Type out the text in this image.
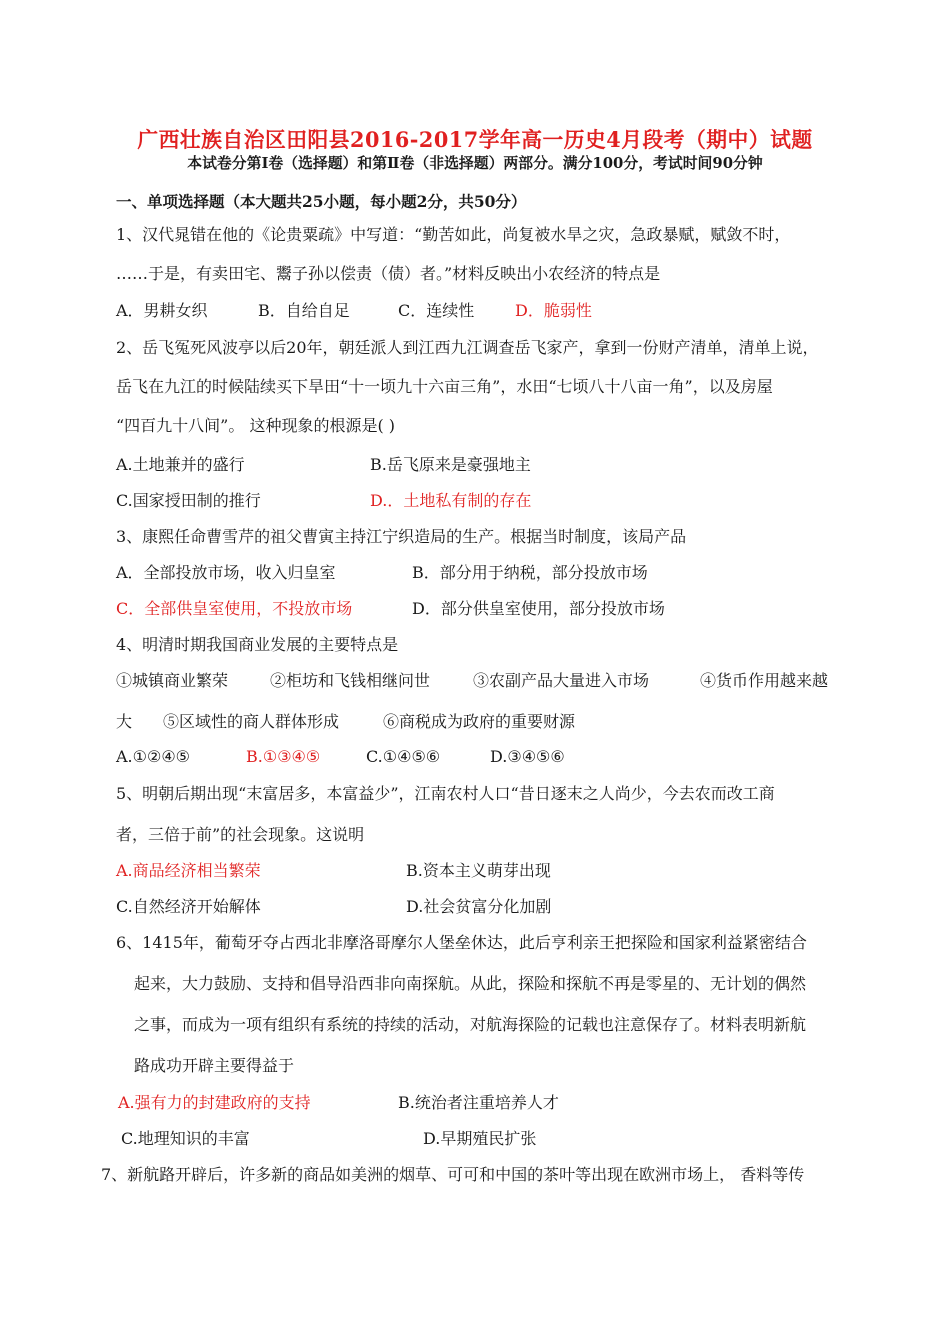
广西壮族自治区田阳县2016-2017学年高一历史4月段考（期中）试题
本试卷分第Ⅰ卷（选择题）和第Ⅱ卷（非选择题）两部分。满分100分，考试时间90分钟
一、单项选择题（本大题共25小题，每小题2分，共50分）
1、汉代晁错在他的《论贵粟疏》中写道：“勤苦如此，尚复被水旱之灾，急政暴赋，赋敛不时，
……于是，有卖田宅、鬻子孙以偿责（债）者。”材料反映出小农经济的特点是
A．男耕女织	B．自给自足	C．连续性	D．脆弱性
2、岳飞冤死风波亭以后20年，朝廷派人到江西九江调查岳飞家产，拿到一份财产清单，清单上说，
岳飞在九江的时候陆续买下旱田“十一顷九十六亩三角”，水田“七顷八十八亩一角”，以及房屋
“四百九十八间”。 这种现象的根源是( )
A.土地兼并的盛行	B.岳飞原来是豪强地主
C.国家授田制的推行	D.．土地私有制的存在
3、康熙任命曹雪芹的祖父曹寅主持江宁织造局的生产。根据当时制度，该局产品
A．全部投放市场，收入归皇室	B．部分用于纳税，部分投放市场
C．全部供皇室使用，不投放市场	D．部分供皇室使用，部分投放市场
4、明清时期我国商业发展的主要特点是
①城镇商业繁荣	②柜坊和飞钱相继问世	③农副产品大量进入市场	④货币作用越来越
大 ⑤区域性的商人群体形成	⑥商税成为政府的重要财源
A.①②④⑤	B.①③④⑤	C.①④⑤⑥	D.③④⑤⑥
5、明朝后期出现“末富居多，本富益少”，江南农村人口“昔日逐末之人尚少，今去农而改工商
者，三倍于前”的社会现象。这说明
A.商品经济相当繁荣	B.资本主义萌芽出现
C.自然经济开始解体	D.社会贫富分化加剧
6、1415年，葡萄牙夺占西北非摩洛哥摩尔人堡垒休达，此后亨利亲王把探险和国家利益紧密结合
起来，大力鼓励、支持和倡导沿西非向南探航。从此，探险和探航不再是零星的、无计划的偶然
之事，而成为一项有组织有系统的持续的活动，对航海探险的记载也注意保存了。材料表明新航
路成功开辟主要得益于
A.强有力的封建政府的支持	B.统治者注重培养人才
C.地理知识的丰富	D.早期殖民扩张
7、新航路开辟后，许多新的商品如美洲的烟草、可可和中国的茶叶等出现在欧洲市场上， 香料等传
